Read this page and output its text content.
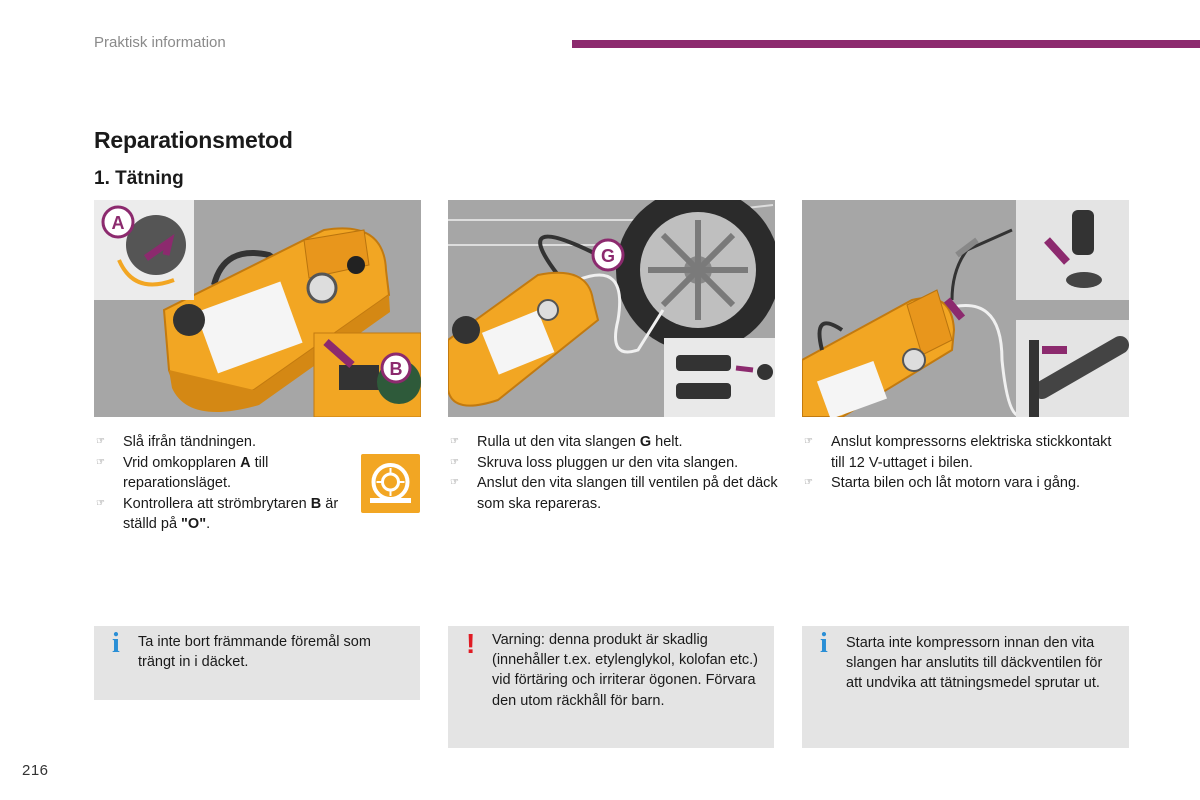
Praktisk information
Reparationsmetod
1. Tätning
A
B
G
☞ Slå ifrån tändningen.
☞ Vrid omkopplaren A till reparationsläget.
☞ Kontrollera att strömbrytaren B är ställd på "O".
☞ Rulla ut den vita slangen G helt.
☞ Skruva loss pluggen ur den vita slangen.
☞ Anslut den vita slangen till ventilen på det däck som ska repareras.
☞ Anslut kompressorns elektriska stickkontakt till 12 V-uttaget i bilen.
☞ Starta bilen och låt motorn vara i gång.
i Ta inte bort främmande föremål som trängt in i däcket.
! Varning: denna produkt är skadlig (innehåller t.ex. etylenglykol, kolofan etc.) vid förtäring och irriterar ögonen. Förvara den utom räckhåll för barn.
i Starta inte kompressorn innan den vita slangen har anslutits till däckventilen för att undvika att tätningsmedel sprutar ut.
216
